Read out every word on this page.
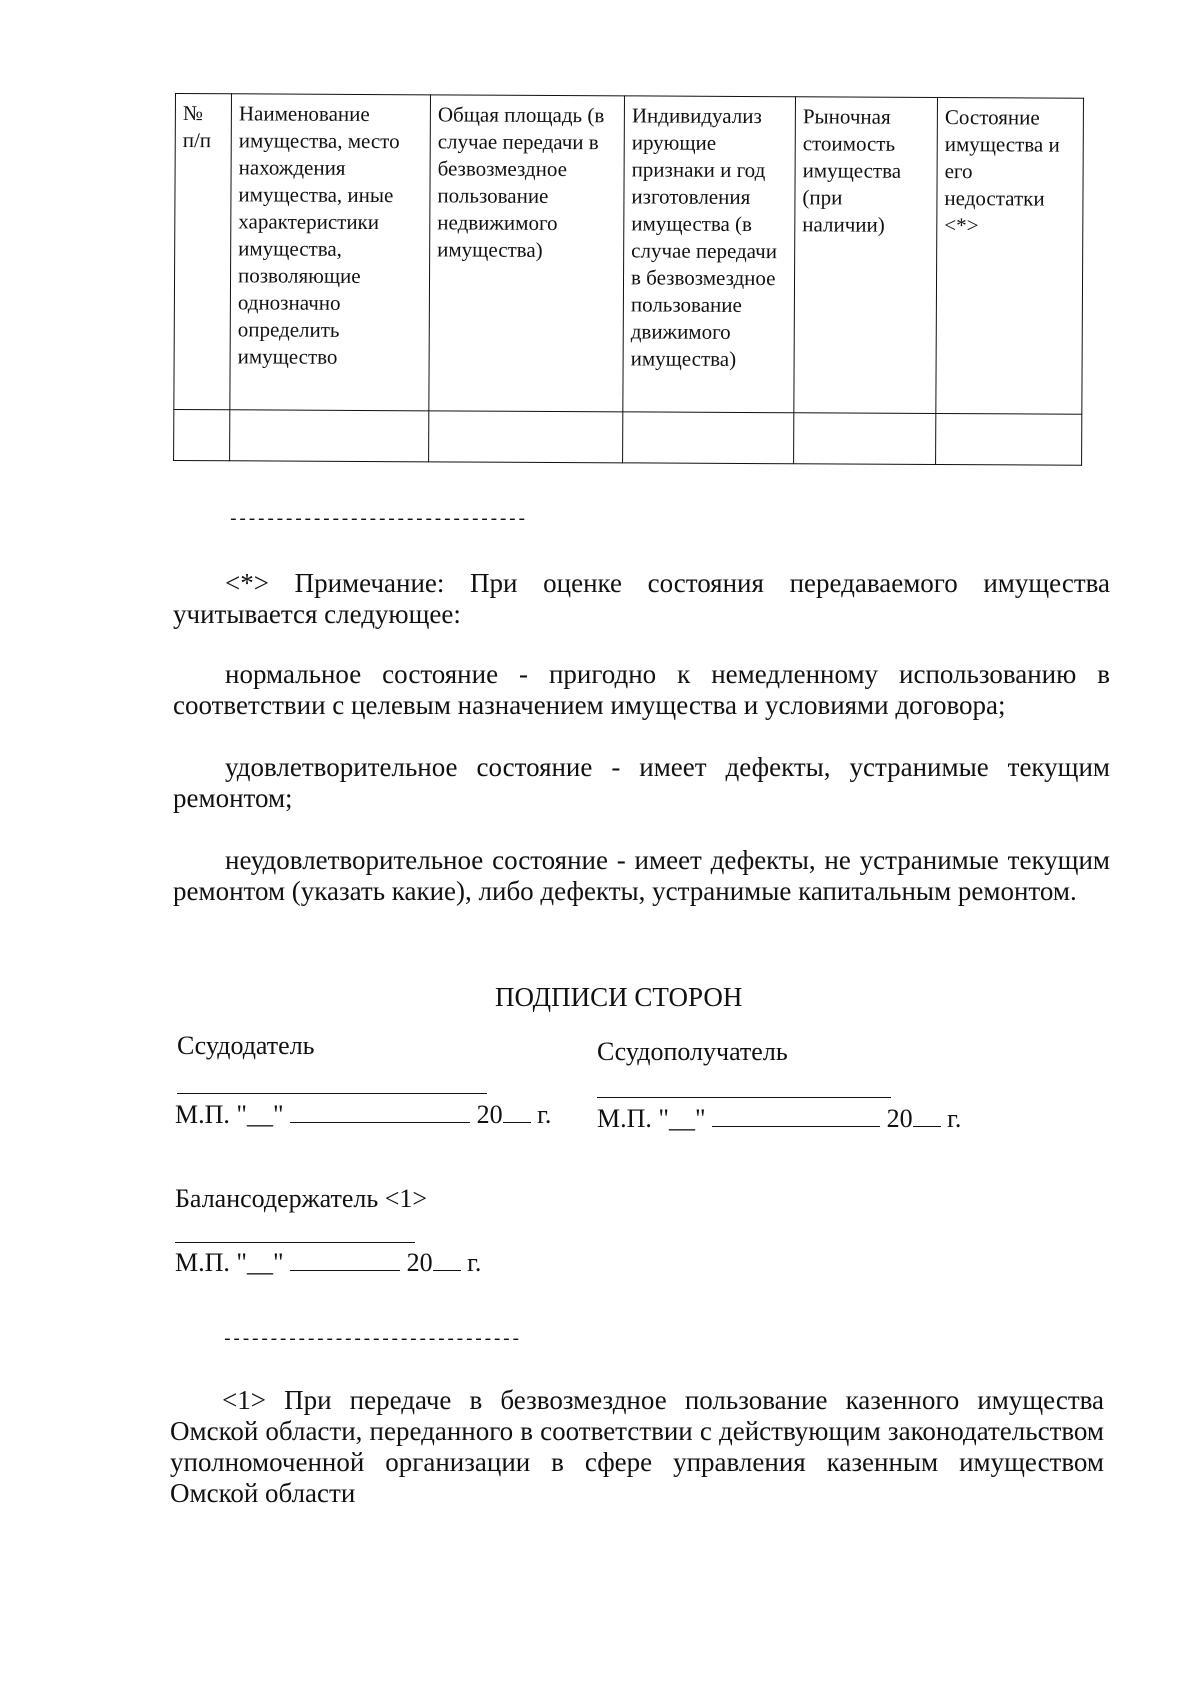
№ п/п	Наименование имущества, место нахождения имущества, иные характеристики имущества, позволяющие однозначно определить имущество	Общая площадь (в случае передачи в безвозмездное пользование недвижимого имущества)	Индивидуализ ирующие признаки и год изготовления имущества (в случае передачи в безвозмездное пользование движимого имущества)	Рыночная стоимость имущества (при наличии)	Состояние имущества и его недостатки <*>

--------------------------------
<*> Примечание: При оценке состояния передаваемого имущества учитывается следующее:
нормальное состояние - пригодно к немедленному использованию в соответствии с целевым назначением имущества и условиями договора;
удовлетворительное состояние - имеет дефекты, устранимые текущим ремонтом;
неудовлетворительное состояние - имеет дефекты, не устранимые текущим ремонтом (указать какие), либо дефекты, устранимые капитальным ремонтом.
ПОДПИСИ СТОРОН
Ссудодатель	Ссудополучатель
М.П. "__"	20 г. М.П. "__"	20 г.
Балансодержатель <1>
М.П. "__"	20 г.
--------------------------------
<1> При передаче в безвозмездное пользование казенного имущества Омской области, переданного в соответствии с действующим законодательством уполномоченной организации в сфере управления казенным имуществом Омской области
